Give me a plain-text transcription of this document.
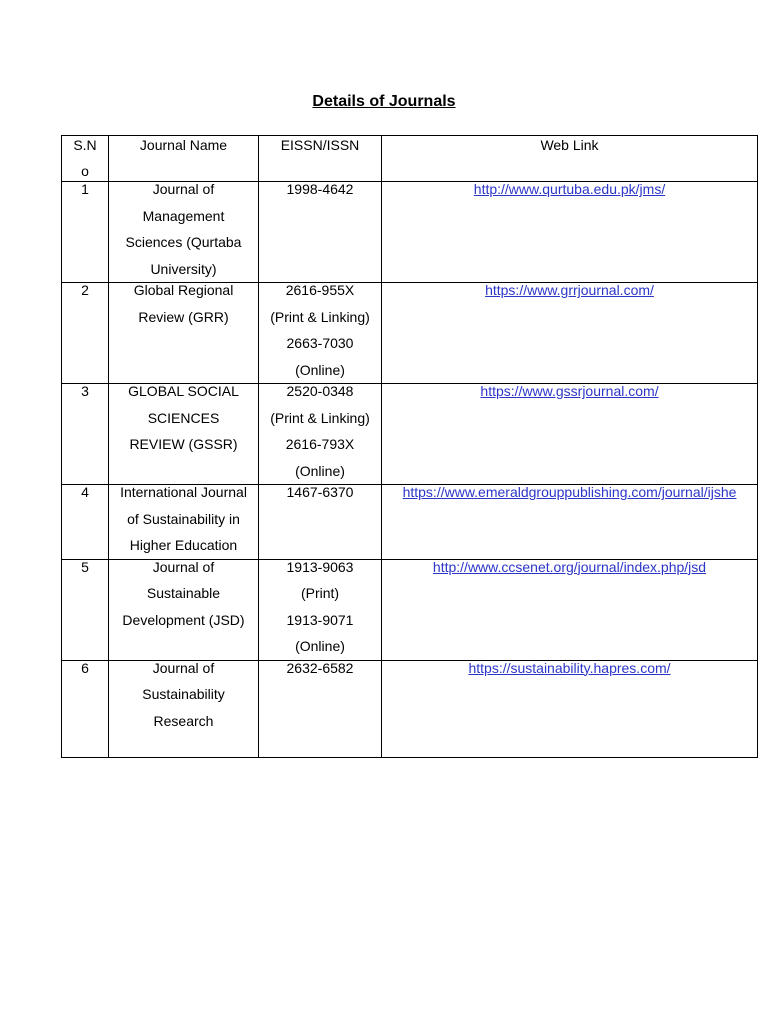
Details of Journals
S.N
o	Journal Name	EISSN/ISSN	Web Link

1	Journal of
Management
Sciences (Qurtaba
University)	1998-4642	http://www.qurtuba.edu.pk/jms/

2	Global Regional
Review (GRR)	2616-955X
(Print & Linking)
2663-7030
(Online)	https://www.grrjournal.com/

3	GLOBAL SOCIAL
SCIENCES
REVIEW (GSSR)	2520-0348
(Print & Linking)
2616-793X
(Online)	https://www.gssrjournal.com/

4	International Journal
of Sustainability in
Higher Education	1467-6370	https://www.emeraldgrouppublishing.com/journal/ijshe

5	Journal of
Sustainable
Development (JSD)	1913-9063
(Print)
1913-9071
(Online)	http://www.ccsenet.org/journal/index.php/jsd

6	Journal of
Sustainability
Research	2632-6582	https://sustainability.hapres.com/
